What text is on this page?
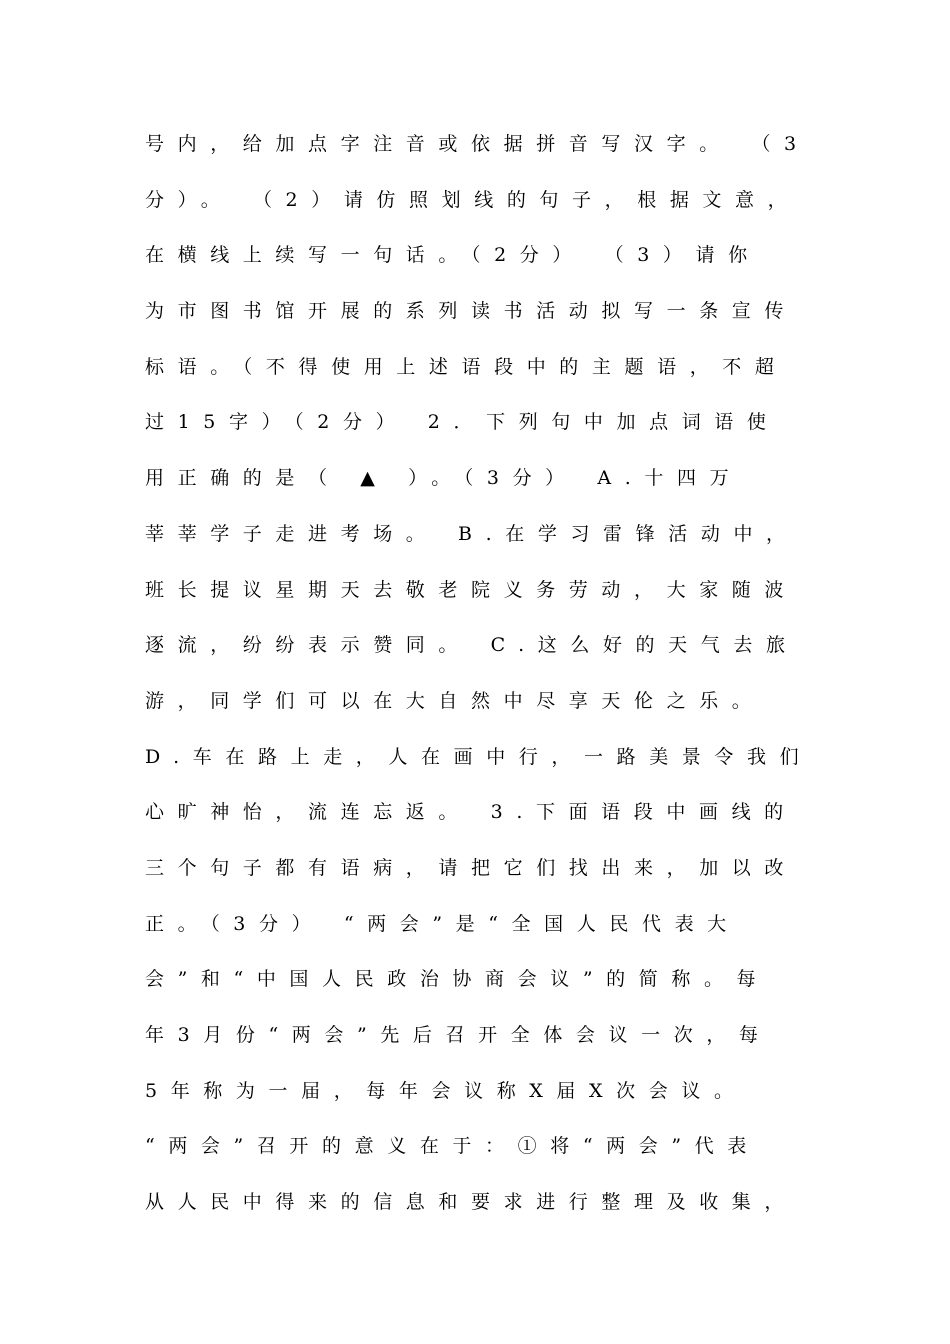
号内，给加点字注音或依据拼音写汉字。 （3
分）。 （2）请仿照划线的句子，根据文意，
在横线上续写一句话。（2分） （3）请你
为市图书馆开展的系列读书活动拟写一条宣传
标语。（不得使用上述语段中的主题语，不超
过15字）（2分） 2．下列句中加点词语使
用正确的是（ ▲ ）。（3分） A.十四万
莘莘学子走进考场。 B.在学习雷锋活动中，
班长提议星期天去敬老院义务劳动，大家随波
逐流，纷纷表示赞同。 C.这么好的天气去旅
游，同学们可以在大自然中尽享天伦之乐。
D.车在路上走，人在画中行，一路美景令我们
心旷神怡，流连忘返。 3.下面语段中画线的
三个句子都有语病，请把它们找出来，加以改
正。（3分） “两会”是“全国人民代表大
会”和“中国人民政治协商会议”的简称。每
年3月份“两会”先后召开全体会议一次，每
5年称为一届，每年会议称X届X次会议。
“两会”召开的意义在于：①将“两会”代表
从人民中得来的信息和要求进行整理及收集，
